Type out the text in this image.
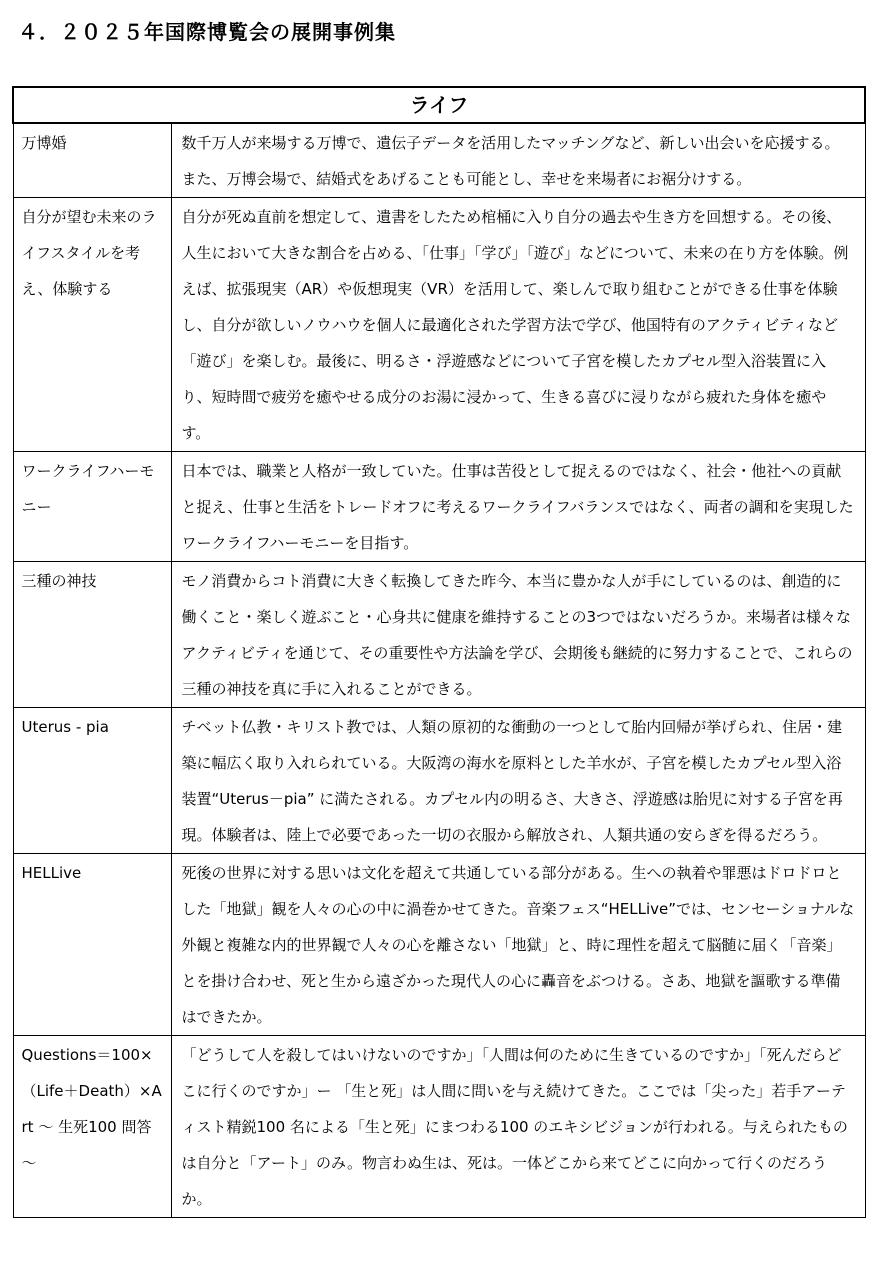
４．２０２５年国際博覧会の展開事例集
ライフ	

万博婚	数千万人が来場する万博で、遺伝子データを活用したマッチングなど、新しい出会いを応援する。また、万博会場で、結婚式をあげることも可能とし、幸せを来場者にお裾分けする。

自分が望む未来のライフスタイルを考え、体験する	自分が死ぬ直前を想定して、遺書をしたため棺桶に入り自分の過去や生き方を回想する。その後、人生において大きな割合を占める、「仕事」「学び」「遊び」などについて、未来の在り方を体験。例えば、拡張現実（AR）や仮想現実（VR）を活用して、楽しんで取り組むことができる仕事を体験し、自分が欲しいノウハウを個人に最適化された学習方法で学び、他国特有のアクティビティなど「遊び」を楽しむ。最後に、明るさ・浮遊感などについて子宮を模したカプセル型入浴装置に入り、短時間で疲労を癒やせる成分のお湯に浸かって、生きる喜びに浸りながら疲れた身体を癒やす。

ワークライフハーモニー	日本では、職業と人格が一致していた。仕事は苦役として捉えるのではなく、社会・他社への貢献と捉え、仕事と生活をトレードオフに考えるワークライフバランスではなく、両者の調和を実現したワークライフハーモニーを目指す。

三種の神技	モノ消費からコト消費に大きく転換してきた昨今、本当に豊かな人が手にしているのは、創造的に働くこと・楽しく遊ぶこと・心身共に健康を維持することの3つではないだろうか。来場者は様々なアクティビティを通じて、その重要性や方法論を学び、会期後も継続的に努力することで、これらの三種の神技を真に手に入れることができる。

Uterus - pia	チベット仏教・キリスト教では、人類の原初的な衝動の一つとして胎内回帰が挙げられ、住居・建築に幅広く取り入れられている。大阪湾の海水を原料とした羊水が、子宮を模したカプセル型入浴装置“Uterus－pia” に満たされる。カプセル内の明るさ、大きさ、浮遊感は胎児に対する子宮を再現。体験者は、陸上で必要であった一切の衣服から解放され、人類共通の安らぎを得るだろう。

HELLive	死後の世界に対する思いは文化を超えて共通している部分がある。生への執着や罪悪はドロドロとした「地獄」観を人々の心の中に渦巻かせてきた。音楽フェス“HELLive”では、センセーショナルな外観と複雑な内的世界観で人々の心を離さない「地獄」と、時に理性を超えて脳髄に届く「音楽」とを掛け合わせ、死と生から遠ざかった現代人の心に轟音をぶつける。さあ、地獄を謳歌する準備はできたか。

Questions＝100×（Life＋Death）×Art ～ 生死100 問答～	「どうして人を殺してはいけないのですか」「人間は何のために生きているのですか」「死んだらどこに行くのですか」ー 「生と死」は人間に問いを与え続けてきた。ここでは「尖った」若手アーティスト精鋭100 名による「生と死」にまつわる100 のエキシビジョンが行われる。与えられたものは自分と「アート」のみ。物言わぬ生は、死は。一体どこから来てどこに向かって行くのだろうか。
